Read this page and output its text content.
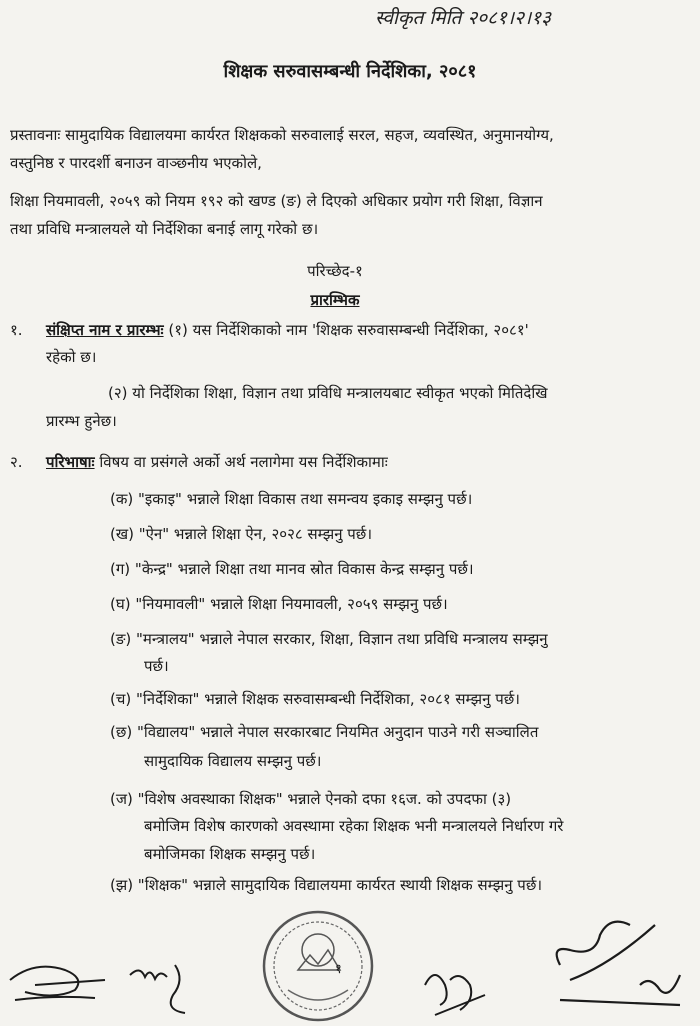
स्वीकृत मिति २०८१।२।१३
शिक्षक सरुवासम्बन्धी निर्देशिका, २०८१
प्रस्तावनाः सामुदायिक विद्यालयमा कार्यरत शिक्षकको सरुवालाई सरल, सहज, व्यवस्थित, अनुमानयोग्य,
वस्तुनिष्ठ र पारदर्शी बनाउन वाञ्छनीय भएकोले,
शिक्षा नियमावली, २०५९ को नियम १९२ को खण्ड (ङ) ले दिएको अधिकार प्रयोग गरी शिक्षा, विज्ञान
तथा प्रविधि मन्त्रालयले यो निर्देशिका बनाई लागू गरेको छ।
परिच्छेद-१
प्रारम्भिक
१. संक्षिप्त नाम र प्रारम्भः (१) यस निर्देशिकाको नाम 'शिक्षक सरुवासम्बन्धी निर्देशिका, २०८१'
रहेको छ।
(२) यो निर्देशिका शिक्षा, विज्ञान तथा प्रविधि मन्त्रालयबाट स्वीकृत भएको मितिदेखि
प्रारम्भ हुनेछ।
२. परिभाषाः विषय वा प्रसंगले अर्को अर्थ नलागेमा यस निर्देशिकामाः
(क) "इकाइ" भन्नाले शिक्षा विकास तथा समन्वय इकाइ सम्झनु पर्छ।
(ख) "ऐन" भन्नाले शिक्षा ऐन, २०२८ सम्झनु पर्छ।
(ग) "केन्द्र" भन्नाले शिक्षा तथा मानव स्रोत विकास केन्द्र सम्झनु पर्छ।
(घ) "नियमावली" भन्नाले शिक्षा नियमावली, २०५९ सम्झनु पर्छ।
(ङ) "मन्त्रालय" भन्नाले नेपाल सरकार, शिक्षा, विज्ञान तथा प्रविधि मन्त्रालय सम्झनु
पर्छ।
(च) "निर्देशिका" भन्नाले शिक्षक सरुवासम्बन्धी निर्देशिका, २०८१ सम्झनु पर्छ।
(छ) "विद्यालय" भन्नाले नेपाल सरकारबाट नियमित अनुदान पाउने गरी सञ्चालित
सामुदायिक विद्यालय सम्झनु पर्छ।
(ज) "विशेष अवस्थाका शिक्षक" भन्नाले ऐनको दफा १६ज. को उपदफा (३)
बमोजिम विशेष कारणको अवस्थामा रहेका शिक्षक भनी मन्त्रालयले निर्धारण गरे
बमोजिमका शिक्षक सम्झनु पर्छ।
(झ) "शिक्षक" भन्नाले सामुदायिक विद्यालयमा कार्यरत स्थायी शिक्षक सम्झनु पर्छ।
१
